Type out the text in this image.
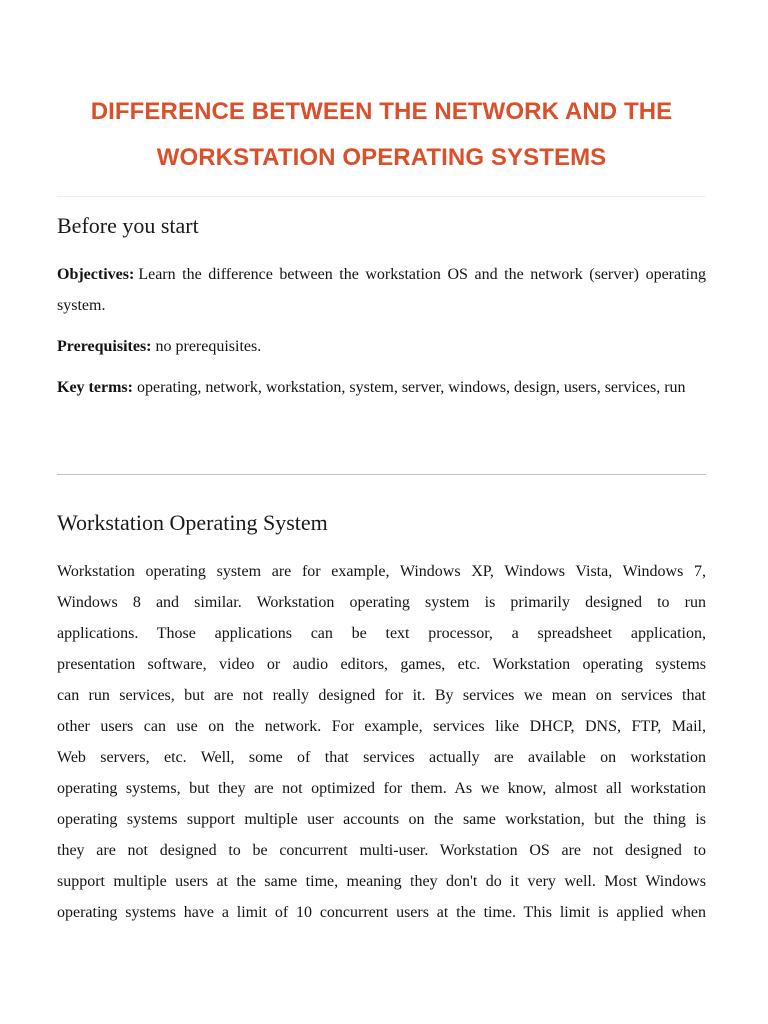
DIFFERENCE BETWEEN THE NETWORK AND THE
WORKSTATION OPERATING SYSTEMS
Before you start

Objectives: Learn the difference between the workstation OS and the network (server) operating system.

Prerequisites: no prerequisites.

Key terms: operating, network, workstation, system, server, windows, design, users, services, run

Workstation Operating System
Workstation operating system are for example, Windows XP, Windows Vista, Windows 7,
Windows 8 and similar. Workstation operating system is primarily designed to run
applications. Those applications can be text processor, a spreadsheet application,
presentation software, video or audio editors, games, etc. Workstation operating systems
can run services, but are not really designed for it. By services we mean on services that
other users can use on the network. For example, services like DHCP, DNS, FTP, Mail,
Web servers, etc. Well, some of that services actually are available on workstation
operating systems, but they are not optimized for them. As we know, almost all workstation
operating systems support multiple user accounts on the same workstation, but the thing is
they are not designed to be concurrent multi-user. Workstation OS are not designed to
support multiple users at the same time, meaning they don't do it very well. Most Windows
operating systems have a limit of 10 concurrent users at the time. This limit is applied when
